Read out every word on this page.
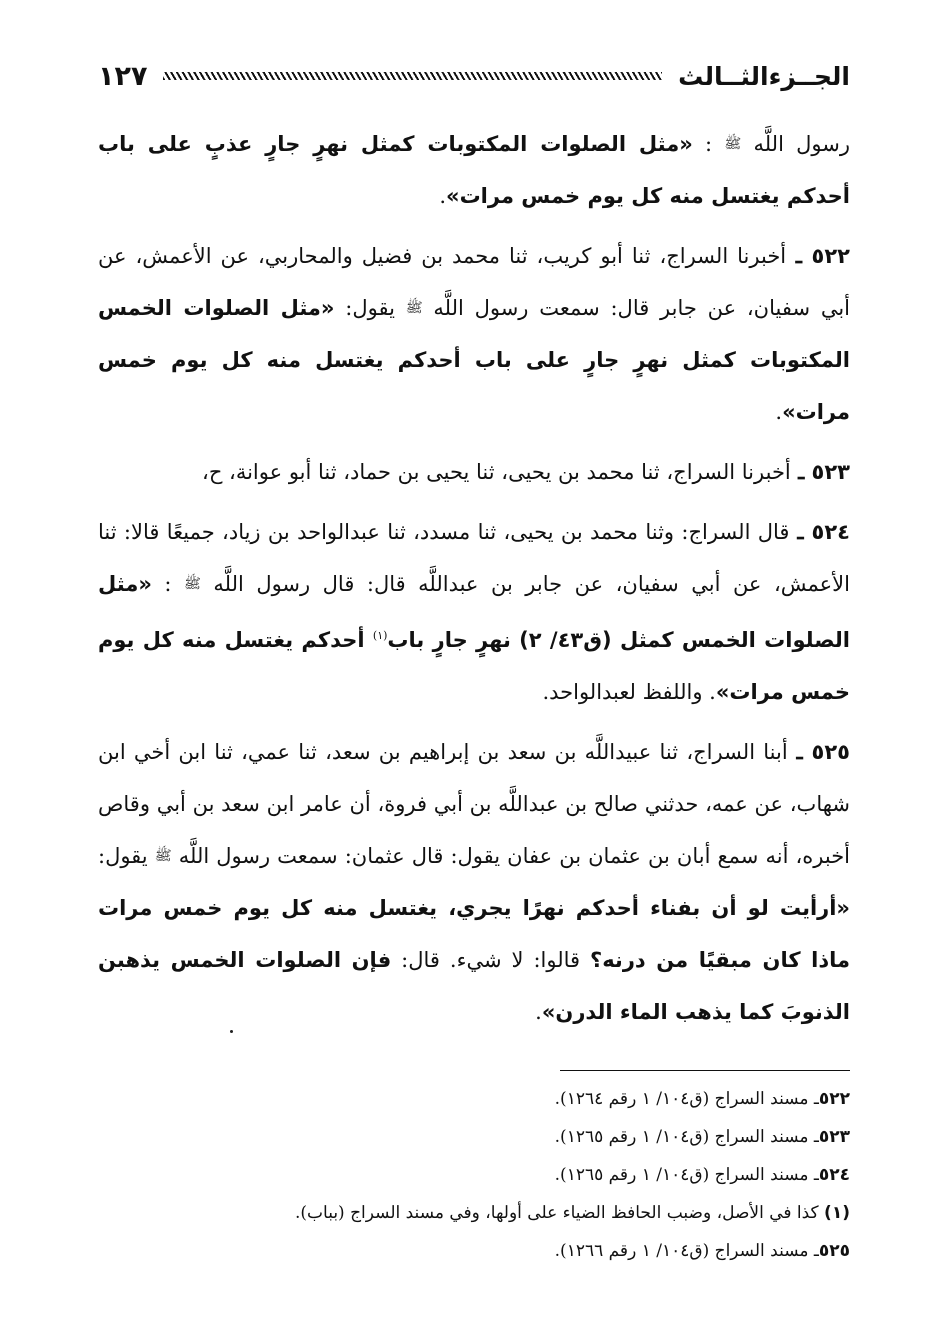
الجــزءالثــالث
١٢٧

رسول اللَّه ﷺ : «مثل الصلوات المكتوبات كمثل نهرٍ جارٍ عذبٍ على باب أحدكم يغتسل منه كل يوم خمس مرات».

٥٢٢ ـ أخبرنا السراج، ثنا أبو كريب، ثنا محمد بن فضيل والمحاربي، عن الأعمش، عن أبي سفيان، عن جابر قال: سمعت رسول اللَّه ﷺ يقول: «مثل الصلوات الخمس المكتوبات كمثل نهرٍ جارٍ على باب أحدكم يغتسل منه كل يوم خمس مرات».

٥٢٣ ـ أخبرنا السراج، ثنا محمد بن يحيى، ثنا يحيى بن حماد، ثنا أبو عوانة، ح،

٥٢٤ ـ قال السراج: وثنا محمد بن يحيى، ثنا مسدد، ثنا عبدالواحد بن زياد، جميعًا قالا: ثنا الأعمش، عن أبي سفيان، عن جابر بن عبداللَّه قال: قال رسول اللَّه ﷺ : «مثل الصلوات الخمس كمثل (ق٤٣/ ٢) نهرٍ جارٍ باب$^{(١)}$ أحدكم يغتسل منه كل يوم خمس مرات». واللفظ لعبدالواحد.

٥٢٥ ـ أبنا السراج، ثنا عبيداللَّه بن سعد بن إبراهيم بن سعد، ثنا عمي، ثنا ابن أخي ابن شهاب، عن عمه، حدثني صالح بن عبداللَّه بن أبي فروة، أن عامر ابن سعد بن أبي وقاص أخبره، أنه سمع أبان بن عثمان بن عفان يقول: قال عثمان: سمعت رسول اللَّه ﷺ يقول: «أرأيت لو أن بفناء أحدكم نهرًا يجري، يغتسل منه كل يوم خمس مرات ماذا كان مبقيًا من درنه؟ قالوا: لا شيء. قال: فإن الصلوات الخمس يذهبن الذنوبَ كما يذهب الماء الدرن».

٥٢٢ـ مسند السراج (ق١٠٤/ ١ رقم ١٢٦٤).

٥٢٣ـ مسند السراج (ق١٠٤/ ١ رقم ١٢٦٥).

٥٢٤ـ مسند السراج (ق١٠٤/ ١ رقم ١٢٦٥).

(١) كذا في الأصل، وضبب الحافظ الضياء على أولها، وفي مسند السراج (بباب).

٥٢٥ـ مسند السراج (ق١٠٤/ ١ رقم ١٢٦٦).
